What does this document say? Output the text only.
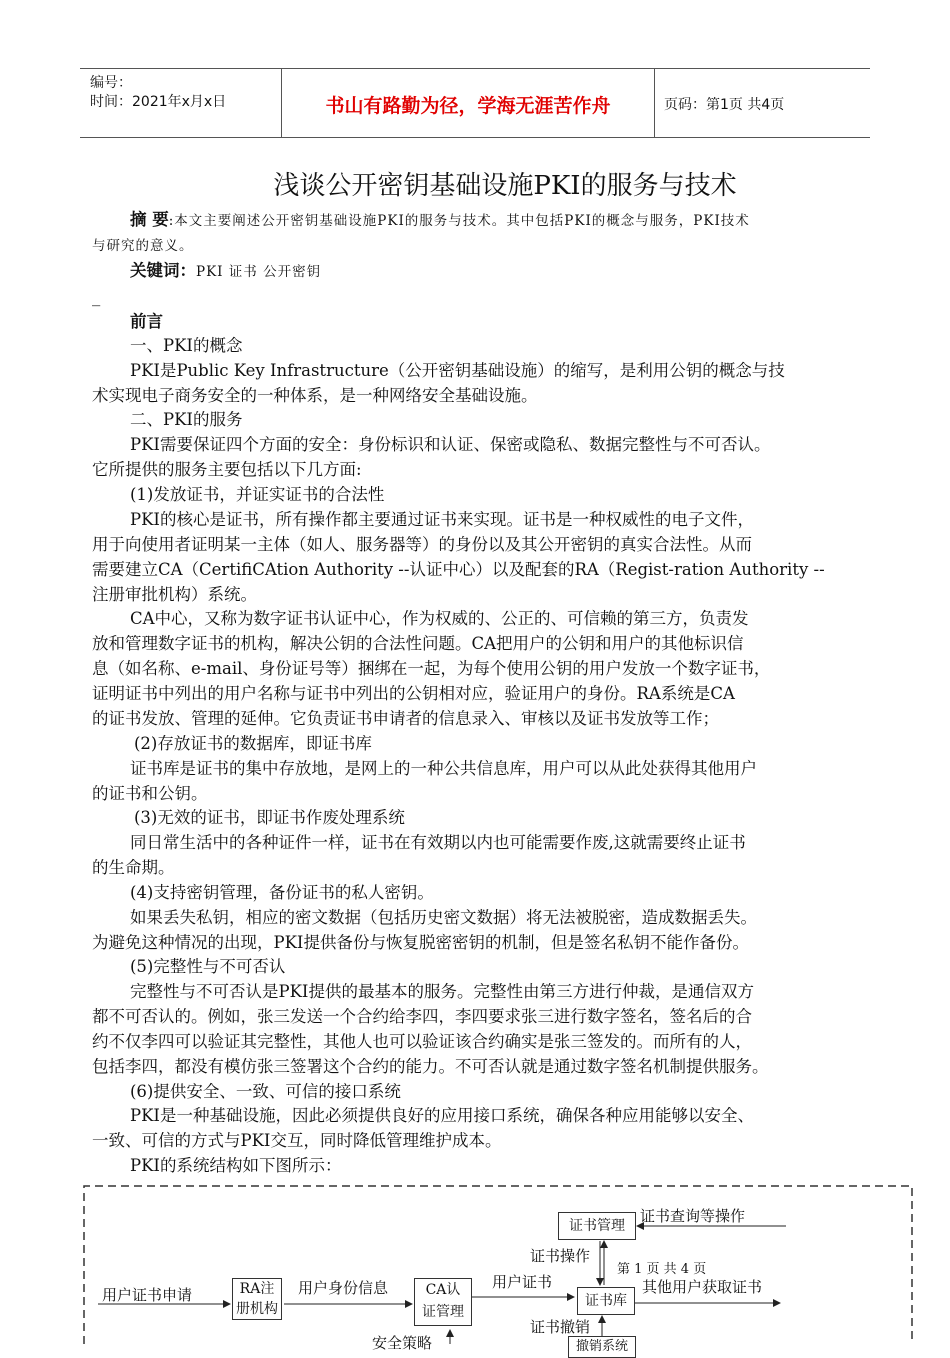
编号：
时间：2021年x月x日	书山有路勤为径，学海无涯苦作舟	页码：第1页 共4页
浅谈公开密钥基础设施PKI的服务与技术
摘 要:本文主要阐述公开密钥基础设施PKI的服务与技术。其中包括PKI的概念与服务，PKI技术
与研究的意义。
关键词：PKI 证书 公开密钥
_
前言
一、PKI的概念
PKI是Public Key Infrastructure（公开密钥基础设施）的缩写，是利用公钥的概念与技
术实现电子商务安全的一种体系，是一种网络安全基础设施。
二、PKI的服务
PKI需要保证四个方面的安全：身份标识和认证、保密或隐私、数据完整性与不可否认。
它所提供的服务主要包括以下几方面:
(1)发放证书，并证实证书的合法性
PKI的核心是证书，所有操作都主要通过证书来实现。证书是一种权威性的电子文件，
用于向使用者证明某一主体（如人、服务器等）的身份以及其公开密钥的真实合法性。从而
需要建立CA（CertifiCAtion Authority --认证中心）以及配套的RA（Regist-ration Authority --
注册审批机构）系统。
CA中心，又称为数字证书认证中心，作为权威的、公正的、可信赖的第三方，负责发
放和管理数字证书的机构，解决公钥的合法性问题。CA把用户的公钥和用户的其他标识信
息（如名称、e-mail、身份证号等）捆绑在一起，为每个使用公钥的用户发放一个数字证书，
证明证书中列出的用户名称与证书中列出的公钥相对应，验证用户的身份。RA系统是CA
的证书发放、管理的延伸。它负责证书申请者的信息录入、审核以及证书发放等工作；
(2)存放证书的数据库，即证书库
证书库是证书的集中存放地，是网上的一种公共信息库，用户可以从此处获得其他用户
的证书和公钥。
(3)无效的证书，即证书作废处理系统
同日常生活中的各种证件一样，证书在有效期以内也可能需要作废,这就需要终止证书
的生命期。
(4)支持密钥管理，备份证书的私人密钥。
如果丢失私钥，相应的密文数据（包括历史密文数据）将无法被脱密，造成数据丢失。
为避免这种情况的出现，PKI提供备份与恢复脱密密钥的机制，但是签名私钥不能作备份。
(5)完整性与不可否认
完整性与不可否认是PKI提供的最基本的服务。完整性由第三方进行仲裁，是通信双方
都不可否认的。例如，张三发送一个合约给李四，李四要求张三进行数字签名，签名后的合
约不仅李四可以验证其完整性，其他人也可以验证该合约确实是张三签发的。而所有的人，
包括李四，都没有模仿张三签署这个合约的能力。不可否认就是通过数字签名机制提供服务。
(6)提供安全、一致、可信的接口系统
PKI是一种基础设施，因此必须提供良好的应用接口系统，确保各种应用能够以安全、
一致、可信的方式与PKI交互，同时降低管理维护成本。
PKI的系统结构如下图所示：
证书管理
证书查询等操作
证书操作
第 1 页 共 4 页
其他用户获取证书
用户证书申请	RA注
册机构
用户身份信息	CA认
证管理
用户证书
证书库
证书撤销
安全策略	撤销系统
